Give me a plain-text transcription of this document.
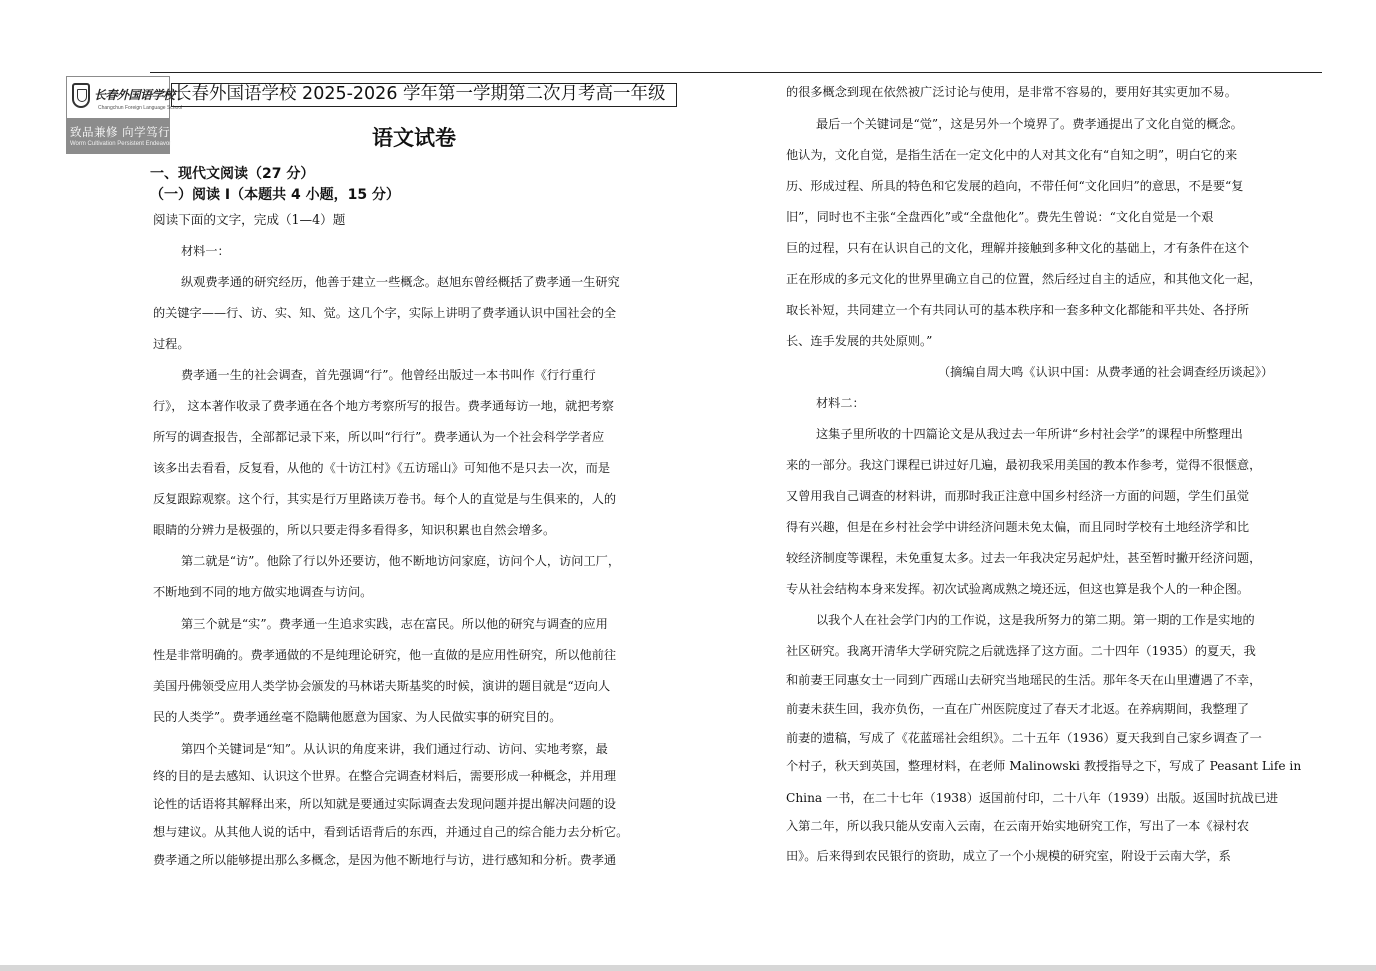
长春外国语学校
Changchun Foreign Language School
致品兼修 向学笃行
Worm Cultivation Persistent Endeavor
长春外国语学校 2025-2026 学年第一学期第二次月考高一年级
语文试卷
一、现代文阅读（27 分）
（一）阅读 I（本题共 4 小题，15 分）
阅读下面的文字，完成（1—4）题
材料一：
纵观费孝通的研究经历，他善于建立一些概念。赵旭东曾经概括了费孝通一生研究
的关键字——行、访、实、知、觉。这几个字，实际上讲明了费孝通认识中国社会的全
过程。
费孝通一生的社会调查，首先强调“行”。他曾经出版过一本书叫作《行行重行
行》， 这本著作收录了费孝通在各个地方考察所写的报告。费孝通每访一地，就把考察
所写的调查报告，全部都记录下来，所以叫“行行”。费孝通认为一个社会科学学者应
该多出去看看，反复看，从他的《十访江村》《五访瑶山》可知他不是只去一次，而是
反复跟踪观察。这个行，其实是行万里路读万卷书。每个人的直觉是与生俱来的，人的
眼睛的分辨力是极强的，所以只要走得多看得多，知识积累也自然会增多。
第二就是“访”。他除了行以外还要访，他不断地访问家庭，访问个人，访问工厂，
不断地到不同的地方做实地调查与访问。
第三个就是“实”。费孝通一生追求实践，志在富民。所以他的研究与调查的应用
性是非常明确的。费孝通做的不是纯理论研究，他一直做的是应用性研究，所以他前往
美国丹佛领受应用人类学协会颁发的马林诺夫斯基奖的时候，演讲的题目就是“迈向人
民的人类学”。费孝通丝毫不隐瞒他愿意为国家、为人民做实事的研究目的。
第四个关键词是“知”。从认识的角度来讲，我们通过行动、访问、实地考察，最
终的目的是去感知、认识这个世界。在整合完调查材料后，需要形成一种概念，并用理
论性的话语将其解释出来，所以知就是要通过实际调查去发现问题并提出解决问题的设
想与建议。从其他人说的话中，看到话语背后的东西，并通过自己的综合能力去分析它。
费孝通之所以能够提出那么多概念，是因为他不断地行与访，进行感知和分析。费孝通
的很多概念到现在依然被广泛讨论与使用，是非常不容易的，要用好其实更加不易。
最后一个关键词是“觉”，这是另外一个境界了。费孝通提出了文化自觉的概念。
他认为，文化自觉，是指生活在一定文化中的人对其文化有“自知之明”，明白它的来
历、形成过程、所具的特色和它发展的趋向，不带任何“文化回归”的意思，不是要“复
旧”，同时也不主张“全盘西化”或“全盘他化”。费先生曾说：“文化自觉是一个艰
巨的过程，只有在认识自己的文化，理解并接触到多种文化的基础上，才有条件在这个
正在形成的多元文化的世界里确立自己的位置，然后经过自主的适应，和其他文化一起，
取长补短，共同建立一个有共同认可的基本秩序和一套多种文化都能和平共处、各抒所
长、连手发展的共处原则。”
（摘编自周大鸣《认识中国：从费孝通的社会调查经历谈起》）
材料二：
这集子里所收的十四篇论文是从我过去一年所讲“乡村社会学”的课程中所整理出
来的一部分。我这门课程已讲过好几遍，最初我采用美国的教本作参考，觉得不很惬意，
又曾用我自己调查的材料讲，而那时我正注意中国乡村经济一方面的问题，学生们虽觉
得有兴趣，但是在乡村社会学中讲经济问题未免太偏，而且同时学校有土地经济学和比
较经济制度等课程，未免重复太多。过去一年我决定另起炉灶，甚至暂时撇开经济问题，
专从社会结构本身来发挥。初次试验离成熟之境还远，但这也算是我个人的一种企图。
以我个人在社会学门内的工作说，这是我所努力的第二期。第一期的工作是实地的
社区研究。我离开清华大学研究院之后就选择了这方面。二十四年（1935）的夏天，我
和前妻王同惠女士一同到广西瑶山去研究当地瑶民的生活。那年冬天在山里遭遇了不幸，
前妻未获生回，我亦负伤，一直在广州医院度过了春天才北返。在养病期间，我整理了
前妻的遗稿，写成了《花蓝瑶社会组织》。二十五年（1936）夏天我到自己家乡调查了一
个村子，秋天到英国，整理材料，在老师 Malinowski 教授指导之下，写成了 Peasant Life in
China 一书，在二十七年（1938）返国前付印，二十八年（1939）出版。返国时抗战已进
入第二年，所以我只能从安南入云南，在云南开始实地研究工作，写出了一本《禄村农
田》。后来得到农民银行的资助，成立了一个小规模的研究室，附设于云南大学，系
